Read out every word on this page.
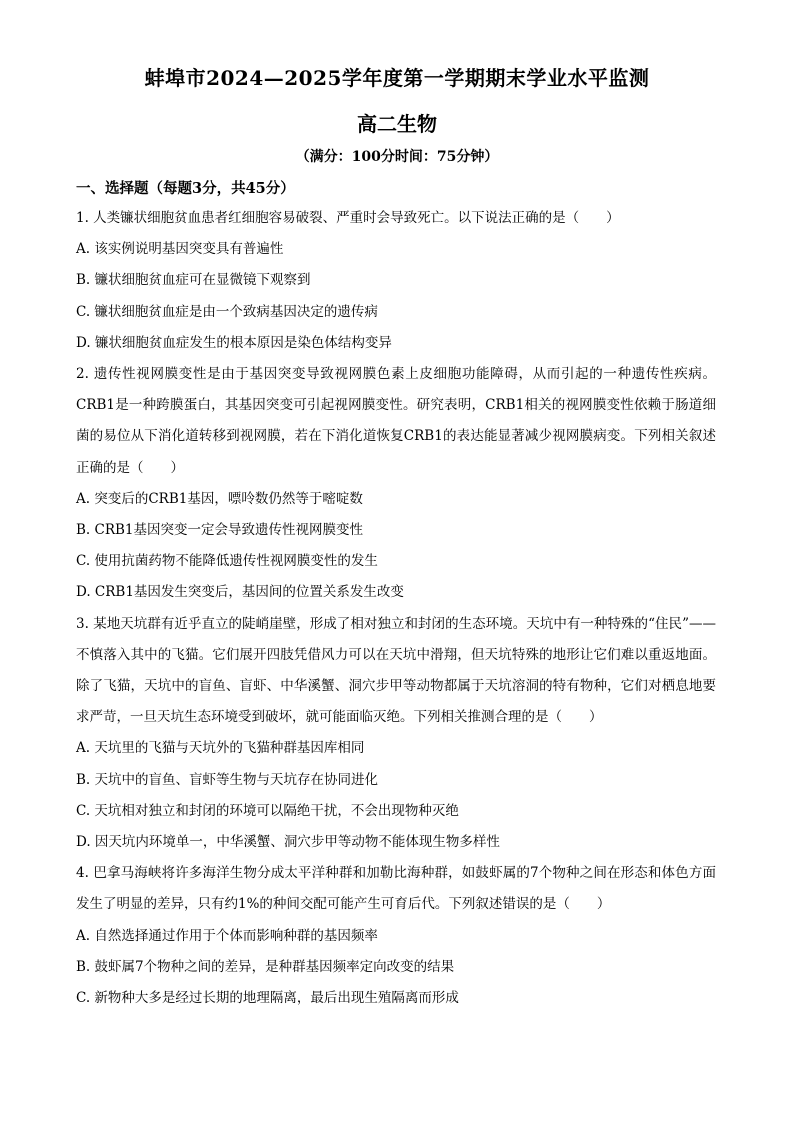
蚌埠市2024—2025学年度第一学期期末学业水平监测
高二生物
（满分：100分时间：75分钟）
一、选择题（每题3分，共45分）

1. 人类镰状细胞贫血患者红细胞容易破裂、严重时会导致死亡。以下说法正确的是（　　）

A. 该实例说明基因突变具有普遍性

B. 镰状细胞贫血症可在显微镜下观察到

C. 镰状细胞贫血症是由一个致病基因决定的遗传病

D. 镰状细胞贫血症发生的根本原因是染色体结构变异

2. 遗传性视网膜变性是由于基因突变导致视网膜色素上皮细胞功能障碍，从而引起的一种遗传性疾病。CRB1是一种跨膜蛋白，其基因突变可引起视网膜变性。研究表明，CRB1相关的视网膜变性依赖于肠道细菌的易位从下消化道转移到视网膜，若在下消化道恢复CRB1的表达能显著减少视网膜病变。下列相关叙述正确的是（　　）

A. 突变后的CRB1基因，嘌呤数仍然等于嘧啶数

B. CRB1基因突变一定会导致遗传性视网膜变性

C. 使用抗菌药物不能降低遗传性视网膜变性的发生

D. CRB1基因发生突变后，基因间的位置关系发生改变

3. 某地天坑群有近乎直立的陡峭崖壁，形成了相对独立和封闭的生态环境。天坑中有一种特殊的“住民”——不慎落入其中的飞猫。它们展开四肢凭借风力可以在天坑中滑翔，但天坑特殊的地形让它们难以重返地面。除了飞猫，天坑中的盲鱼、盲虾、中华溪蟹、洞穴步甲等动物都属于天坑溶洞的特有物种，它们对栖息地要求严苛，一旦天坑生态环境受到破坏，就可能面临灭绝。下列相关推测合理的是（　　）

A. 天坑里的飞猫与天坑外的飞猫种群基因库相同

B. 天坑中的盲鱼、盲虾等生物与天坑存在协同进化

C. 天坑相对独立和封闭的环境可以隔绝干扰，不会出现物种灭绝

D. 因天坑内环境单一，中华溪蟹、洞穴步甲等动物不能体现生物多样性

4. 巴拿马海峡将许多海洋生物分成太平洋种群和加勒比海种群，如鼓虾属的7个物种之间在形态和体色方面发生了明显的差异，只有约1%的种间交配可能产生可育后代。下列叙述错误的是（　　）

A. 自然选择通过作用于个体而影响种群的基因频率

B. 鼓虾属7个物种之间的差异，是种群基因频率定向改变的结果

C. 新物种大多是经过长期的地理隔离，最后出现生殖隔离而形成
